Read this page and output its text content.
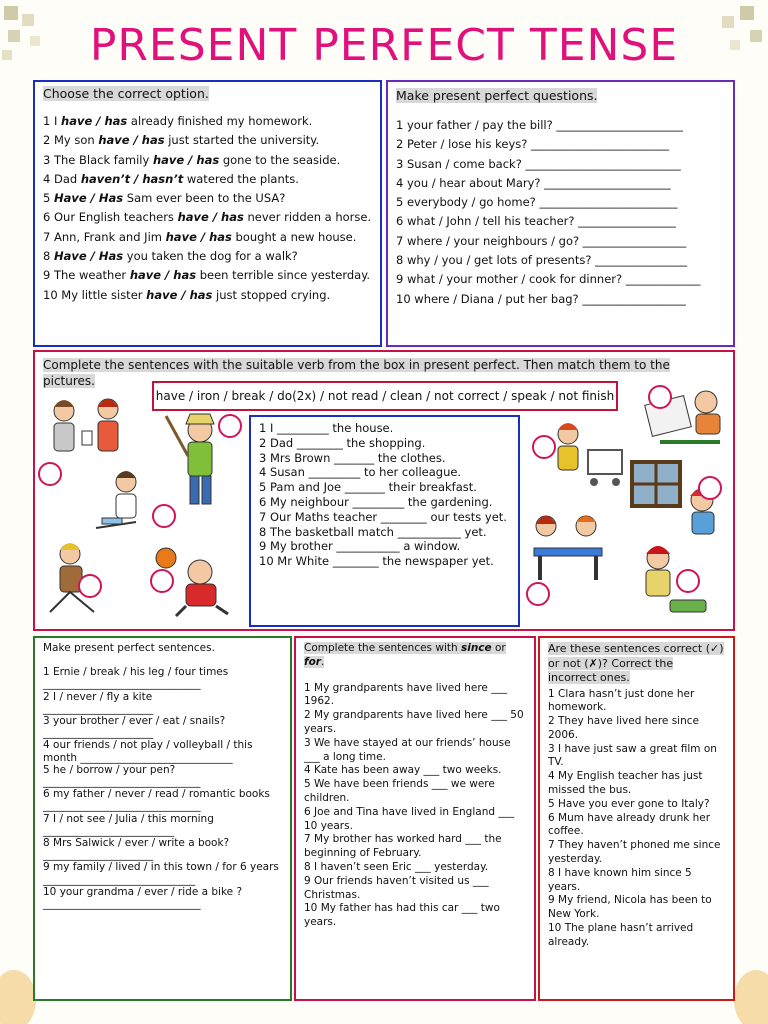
PRESENT PERFECT TENSE
Choose the correct option.
1 I have / has already finished my homework.
2 My son have / has just started the university.
3 The Black family have / has gone to the seaside.
4 Dad haven’t / hasn’t watered the plants.
5 Have / Has Sam ever been to the USA?
6 Our English teachers have / has never ridden a horse.
7 Ann, Frank and Jim have / has bought a new house.
8 Have / Has you taken the dog for a walk?
9 The weather have / has been terrible since yesterday.
10 My little sister have / has just stopped crying.
Make present perfect questions.
1 your father / pay the bill? ______________________
2 Peter / lose his keys? ________________________
3 Susan / come back? ___________________________
4 you / hear about Mary? ______________________
5 everybody / go home? ________________________
6 what / John / tell his teacher? _________________
7 where / your neighbours / go? __________________
8 why / you / get lots of presents? ________________
9 what / your mother / cook for dinner? _____________
10 where / Diana / put her bag? __________________
Complete the sentences with the suitable verb from the box in present perfect. Then match them to the pictures.
have / iron / break / do(2x) / not read / clean / not correct / speak / not finish
1 I _________ the house.
2 Dad ________ the shopping.
3 Mrs Brown _______ the clothes.
4 Susan _________ to her colleague.
5 Pam and Joe _______ their breakfast.
6 My neighbour _________ the gardening.
7 Our Maths teacher ________ our tests yet.
8 The basketball match ___________ yet.
9 My brother ___________ a window.
10 Mr White ________ the newspaper yet.
Make present perfect sentences.
1 Ernie / break / his leg / four times
______________________________
2 I / never / fly a kite
_____________________
3 your brother / ever / eat / snails?
_____________________
4 our friends / not play / volleyball / this month _____________________________
5 he / borrow / your pen?
______________________________
6 my father / never / read / romantic books
______________________________
7 I / not see / Julia / this morning
_________________________
8 Mrs Salwick / ever / write a book?
_____________________
9 my family / lived / in this town / for 6 years _____________________________
10 your grandma / ever / ride a bike ?
______________________________
Complete the sentences with since or for.
1 My grandparents have lived here ___ 1962.
2 My grandparents have lived here ___ 50 years.
3 We have stayed at our friends’ house ___ a long time.
4 Kate has been away ___ two weeks.
5 We have been friends ___ we were children.
6 Joe and Tina have lived in England ___ 10 years.
7 My brother has worked hard ___ the beginning of February.
8 I haven’t seen Eric ___ yesterday.
9 Our friends haven’t visited us ___ Christmas.
10 My father has had this car ___ two years.
Are these sentences correct (✓) or not (✗)? Correct the incorrect ones.
1 Clara hasn’t just done her homework.
2 They have lived here since 2006.
3 I have just saw a great film on TV.
4 My English teacher has just missed the bus.
5 Have you ever gone to Italy?
6 Mum have already drunk her coffee.
7 They haven’t phoned me since yesterday.
8 I have known him since 5 years.
9 My friend, Nicola has been to New York.
10 The plane hasn’t arrived already.
